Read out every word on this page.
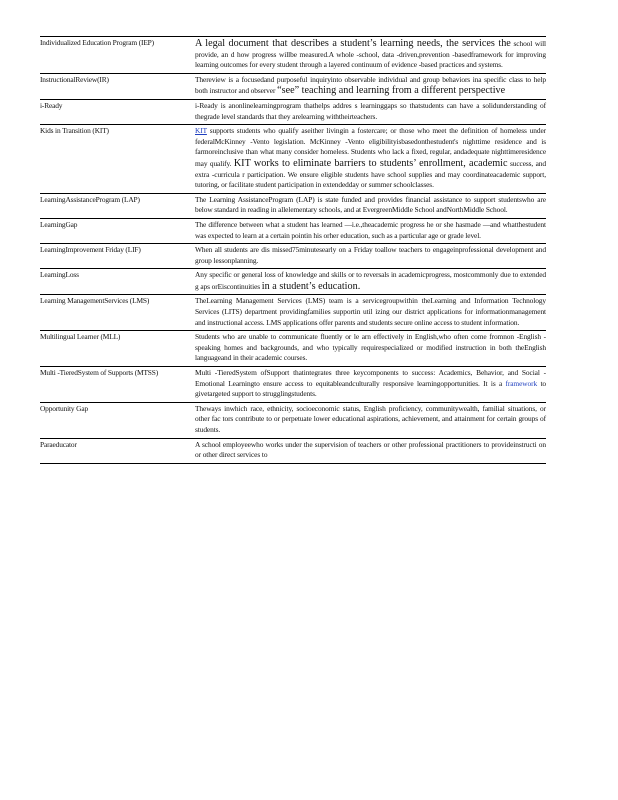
Individualized Education Program (IEP)	A legal document that describes a student’s learning needs, the services the school will provide, an d how progress willbe measured.A whole -school, data -driven,prevention -basedframework for improving learning outcomes for every student through a layered continuum of evidence -based practices and systems.
InstructionalReview(IR)	Thereview is a focusedand purposeful inquiryinto observable individual and group behaviors ina specific class to help both instructor and observer “see” teaching and learning from a different perspective
i-Ready	i-Ready is anonlinelearningprogram thathelps addres s learninggaps so thatstudents can have a solidunderstanding of thegrade level standards that they arelearning withtheirteachers.
Kids in Transition (KIT)	KIT supports students who qualify aseither livingin a fostercare; or those who meet the definition of homeless under federalMcKinney -Vento legislation. McKinney -Vento eligibilityisbasedonthestudent's nighttime residence and is farmoreinclusive than what many consider homeless. Students who lack a fixed, regular, andadequate nighttimeresidence may qualify. KIT works to eliminate barriers to students’ enrollment, academic success, and extra -curricula r participation. We ensure eligible students have school supplies and may coordinateacademic support, tutoring, or facilitate student participation in extendedday or summer schoolclasses.
LearningAssistanceProgram (LAP)	The Learning AssistanceProgram (LAP) is state funded and provides financial assistance to support studentswho are below standard in reading in allelementary schools, and at EvergreenMiddle School andNorthMiddle School.
LearningGap	The difference between what a student has learned —i.e.,theacademic progress he or she hasmade —and whatthestudent was expected to learn at a certain pointin his orher education, such as a particular age or grade level.
LearningImprovement Friday (LIF)	When all students are dis missed75minutesearly on a Friday toallow teachers to engageinprofessional development and group lessonplanning.
LearningLoss	Any specific or general loss of knowledge and skills or to reversals in academicprogress, mostcommonly due to extended g aps orEiscontinuities in a student’s education.
Learning ManagementServices (LMS)	TheLearning Management Services (LMS) team is a servicegroupwithin theLearning and Information Technology Services (LITS) department providingfamilies supportin util izing our district applications for informationmanagement and instructional access. LMS applications offer parents and students secure online access to student information.
Multilingual Learner (MLL)	Students who are unable to communicate fluently or le arn effectively in English,who often come fromnon -English -speaking homes and backgrounds, and who typically requirespecialized or modified instruction in both theEnglish languageand in their academic courses.
Multi -TieredSystem of Supports (MTSS)	Multi -TieredSystem ofSupport thatintegrates three keycomponents to success: Academics, Behavior, and Social -Emotional Learningto ensure access to equitableandculturally responsive learningopportunities. It is a framework to givetargeted support to strugglingstudents.
Opportunity Gap	Theways inwhich race, ethnicity, socioeconomic status, English proficiency, communitywealth, familial situations, or other fac tors contribute to or perpetuate lower educational aspirations, achievement, and attainment for certain groups of students.
Paraeducator	A school employeewho works under the supervision of teachers or other professional practitioners to provideinstructi on or other direct services to
